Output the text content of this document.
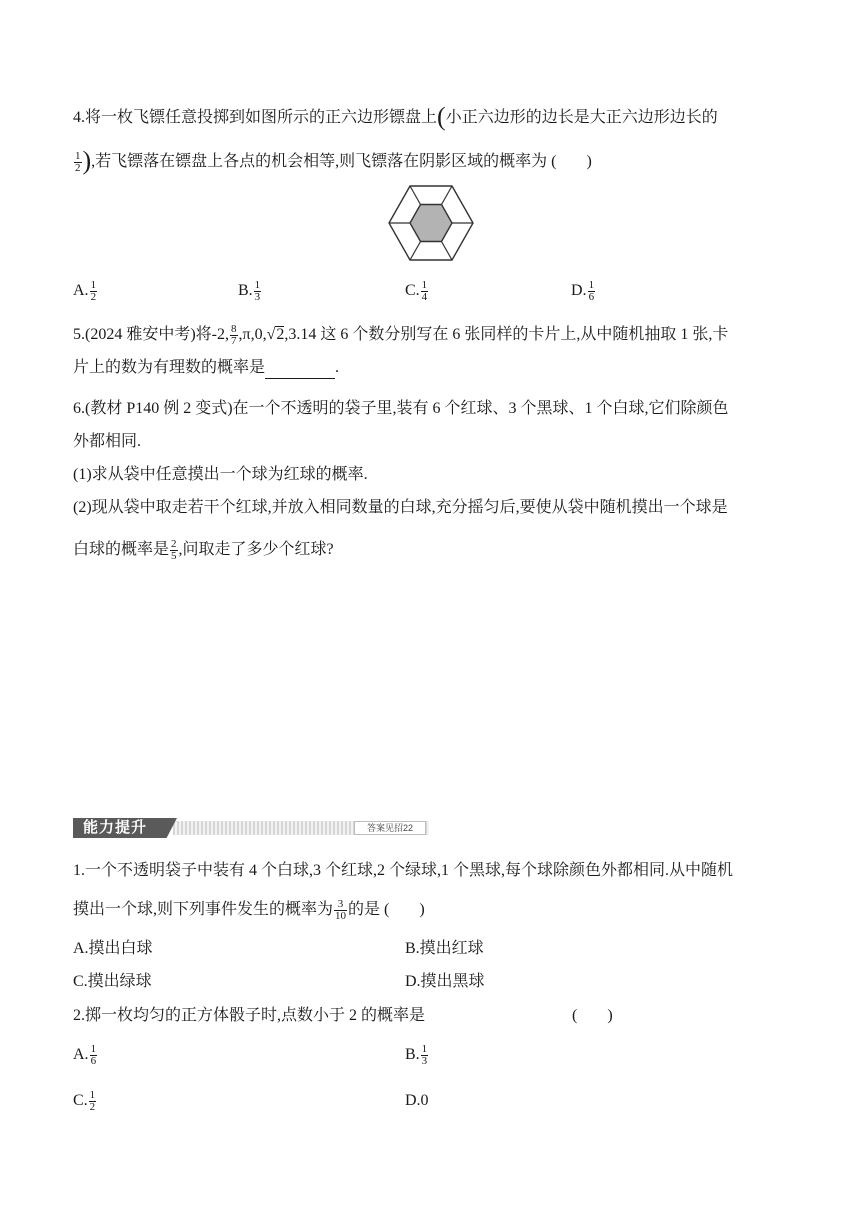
4.将一枚飞镖任意投掷到如图所示的正六边形镖盘上(小正六边形的边长是大正六边形边长的
$\frac{1}{2}$ ),若飞镖落在镖盘上各点的机会相等,则飞镖落在阴影区域的概率为 ( )
A. $\frac{1}{2}$	B. $\frac{1}{3}$	C. $\frac{1}{4}$	D. $\frac{1}{6}$
5.(2024 雅安中考)将-2, $\frac{8}{7} ,\pi,0,√2,3.14$ 这 6 个数分别写在 6 张同样的卡片上,从中随机抽取 1 张,卡
片上的数为有理数的概率是	.
6.(教材 P140 例 2 变式)在一个不透明的袋子里,装有 6 个红球、3 个黑球、1 个白球,它们除颜色
外都相同.
(1)求从袋中任意摸出一个球为红球的概率.
(2)现从袋中取走若干个红球,并放入相同数量的白球,充分摇匀后,要使从袋中随机摸出一个球是
白球的概率是 $\frac{2}{5}$ ,问取走了多少个红球?
能力提升	答案见招22
1.一个不透明袋子中装有 4 个白球,3 个红球,2 个绿球,1 个黑球,每个球除颜色外都相同.从中随机
摸出一个球,则下列事件发生的概率为 $\frac{3}{10}$ 的是 ( )
A.摸出白球	B.摸出红球
C.摸出绿球	D.摸出黑球
2.掷一枚均匀的正方体骰子时,点数小于 2 的概率是	( )
A. $\frac{1}{6}$	B. $\frac{1}{3}$
C. $\frac{1}{2}$	D.0
